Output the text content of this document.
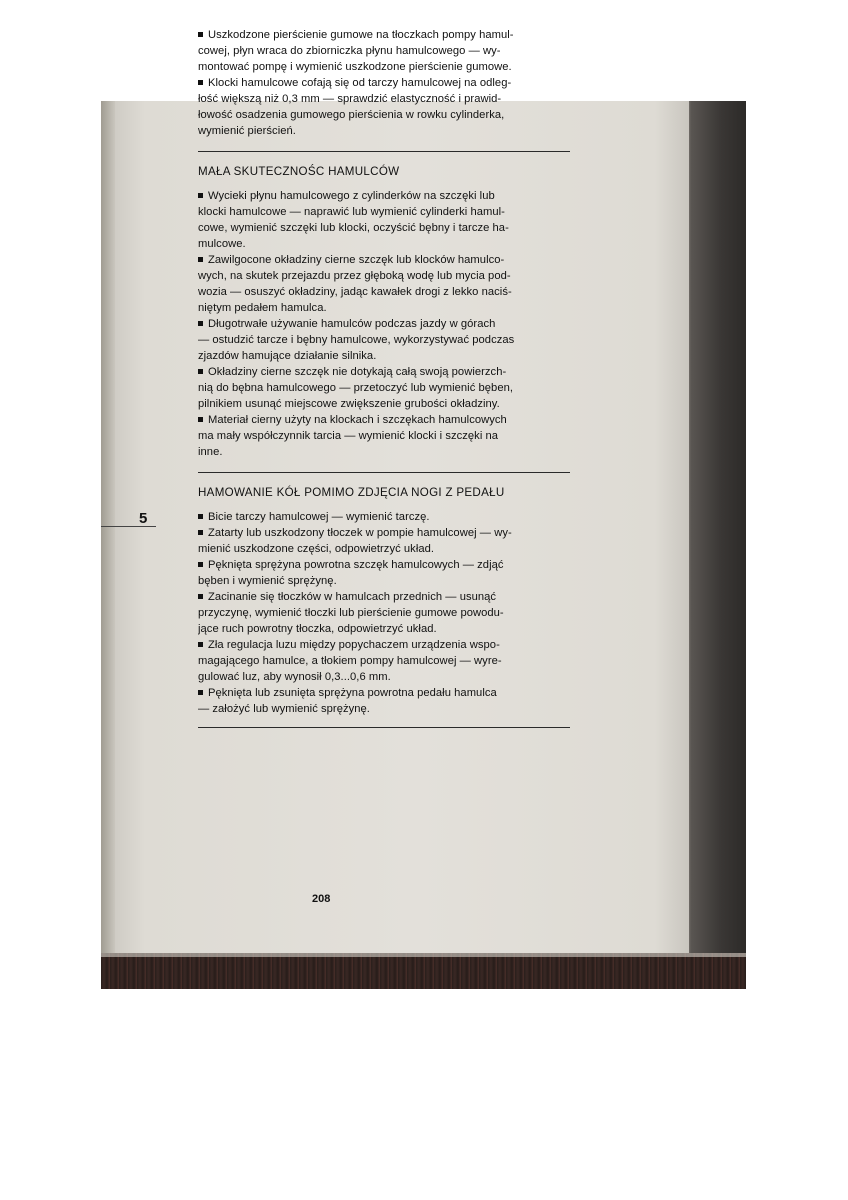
5
Uszkodzone pierścienie gumowe na tłoczkach pompy hamul-
cowej, płyn wraca do zbiorniczka płynu hamulcowego — wy-
montować pompę i wymienić uszkodzone pierścienie gumowe.
Klocki hamulcowe cofają się od tarczy hamulcowej na odleg-
łość większą niż 0,3 mm — sprawdzić elastyczność i prawid-
łowość osadzenia gumowego pierścienia w rowku cylinderka,
wymienić pierścień.
MAŁA SKUTECZNOŚC HAMULCÓW
Wycieki płynu hamulcowego z cylinderków na szczęki lub
klocki hamulcowe — naprawić lub wymienić cylinderki hamul-
cowe, wymienić szczęki lub klocki, oczyścić bębny i tarcze ha-
mulcowe.
Zawilgocone okładziny cierne szczęk lub klocków hamulco-
wych, na skutek przejazdu przez głęboką wodę lub mycia pod-
wozia — osuszyć okładziny, jadąc kawałek drogi z lekko naciś-
niętym pedałem hamulca.
Długotrwałe używanie hamulców podczas jazdy w górach
— ostudzić tarcze i bębny hamulcowe, wykorzystywać podczas
zjazdów hamujące działanie silnika.
Okładziny cierne szczęk nie dotykają całą swoją powierzch-
nią do bębna hamulcowego — przetoczyć lub wymienić bęben,
pilnikiem usunąć miejscowe zwiększenie grubości okładziny.
Materiał cierny użyty na klockach i szczękach hamulcowych
ma mały współczynnik tarcia — wymienić klocki i szczęki na
inne.
HAMOWANIE KÓŁ POMIMO ZDJĘCIA NOGI Z PEDAŁU
Bicie tarczy hamulcowej — wymienić tarczę.
Zatarty lub uszkodzony tłoczek w pompie hamulcowej — wy-
mienić uszkodzone części, odpowietrzyć układ.
Pęknięta sprężyna powrotna szczęk hamulcowych — zdjąć
bęben i wymienić sprężynę.
Zacinanie się tłoczków w hamulcach przednich — usunąć
przyczynę, wymienić tłoczki lub pierścienie gumowe powodu-
jące ruch powrotny tłoczka, odpowietrzyć układ.
Zła regulacja luzu między popychaczem urządzenia wspo-
magającego hamulce, a tłokiem pompy hamulcowej — wyre-
gulować luz, aby wynosił 0,3...0,6 mm.
Pęknięta lub zsunięta sprężyna powrotna pedału hamulca
— założyć lub wymienić sprężynę.
208
